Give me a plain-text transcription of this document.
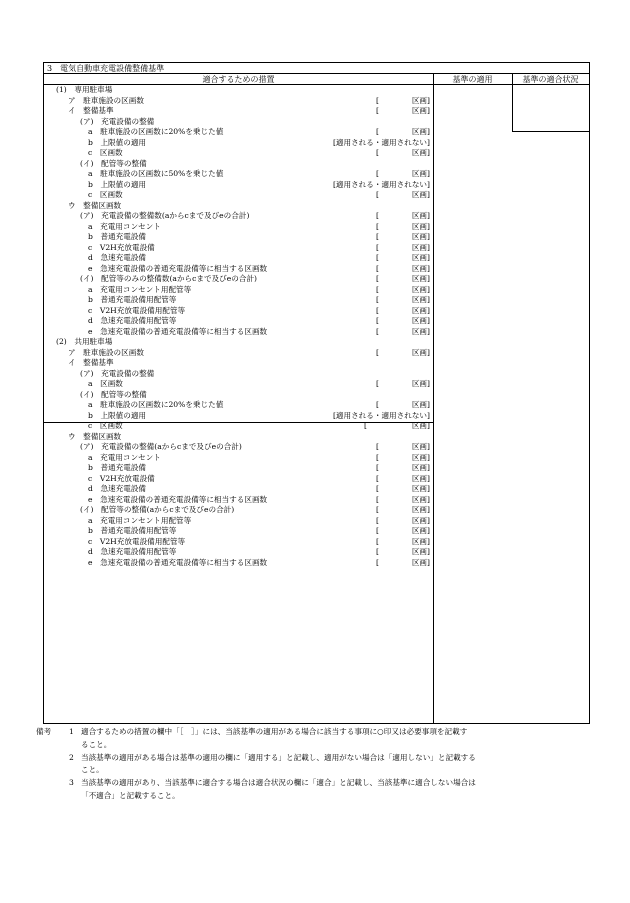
3　電気自動車充電設備整備基準
適合するための措置	基準の適用	基準の適合状況
(1)　専用駐車場
ア　駐車施設の区画数	[	区画]
イ　整備基準	[	区画]
(ア)　充電設備の整備
a　駐車施設の区画数に20%を乗じた値	[	区画]
b　上限値の適用	[適用される・適用されない]
c　区画数	[	区画]
(イ)　配管等の整備
a　駐車施設の区画数に50%を乗じた値	[	区画]
b　上限値の適用	[適用される・適用されない]
c　区画数	[	区画]
ウ　整備区画数
(ア)　充電設備の整備数(aからcまで及びeの合計)	[	区画]
a　充電用コンセント	[	区画]
b　普通充電設備	[	区画]
c　V2H充放電設備	[	区画]
d　急速充電設備	[	区画]
e　急速充電設備の普通充電設備等に相当する区画数	[	区画]
(イ)　配管等のみの整備数(aからcまで及びeの合計)	[	区画]
a　充電用コンセント用配管等	[	区画]
b　普通充電設備用配管等	[	区画]
c　V2H充放電設備用配管等	[	区画]
d　急速充電設備用配管等	[	区画]
e　急速充電設備の普通充電設備等に相当する区画数	[	区画]
(2)　共用駐車場
ア　駐車施設の区画数	[	区画]
イ　整備基準
(ア)　充電設備の整備
a　区画数	[	区画]
(イ)　配管等の整備
a　駐車施設の区画数に20%を乗じた値	[	区画]
b　上限値の適用	[適用される・適用されない]
c　区画数	[	区画]
ウ　整備区画数
(ア)　充電設備の整備(aからcまで及びeの合計)	[	区画]
a　充電用コンセント	[	区画]
b　普通充電設備	[	区画]
c　V2H充放電設備	[	区画]
d　急速充電設備	[	区画]
e　急速充電設備の普通充電設備等に相当する区画数	[	区画]
(イ)　配管等の整備(aからcまで及びeの合計)	[	区画]
a　充電用コンセント用配管等	[	区画]
b　普通充電設備用配管等	[	区画]
c　V2H充放電設備用配管等	[	区画]
d　急速充電設備用配管等	[	区画]
e　急速充電設備の普通充電設備等に相当する区画数	[	区画]
備考 1 適合するための措置の欄中「［　］」には、当該基準の適用がある場合に該当する事項に○印又は必要事項を記載す
ること。
2 当該基準の適用がある場合は基準の適用の欄に「適用する」と記載し、適用がない場合は「適用しない」と記載する
こと。
3 当該基準の適用があり、当該基準に適合する場合は適合状況の欄に「適合」と記載し、当該基準に適合しない場合は
「不適合」と記載すること。
